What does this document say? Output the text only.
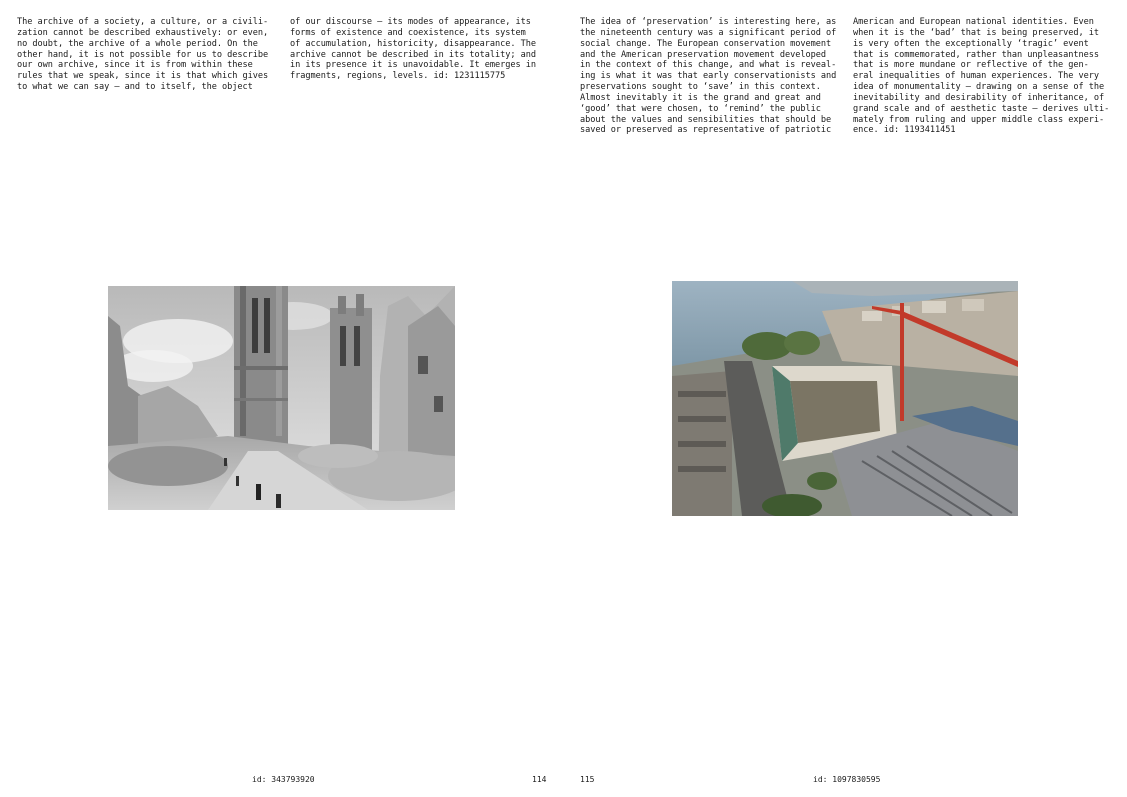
The archive of a society, a culture, or a civili-
zation cannot be described exhaustively: or even,
no doubt, the archive of a whole period. On the
other hand, it is not possible for us to describe
our own archive, since it is from within these
rules that we speak, since it is that which gives
to what we can say – and to itself, the object
of our discourse – its modes of appearance, its
forms of existence and coexistence, its system
of accumulation, historicity, disappearance. The
archive cannot be described in its totality; and
in its presence it is unavoidable. It emerges in
fragments, regions, levels. id: 1231115775
The idea of ‘preservation’ is interesting here, as
the nineteenth century was a significant period of
social change. The European conservation movement
and the American preservation movement developed
in the context of this change, and what is reveal-
ing is what it was that early conservationists and
preservations sought to ‘save’ in this context.
Almost inevitably it is the grand and great and
‘good’ that were chosen, to ‘remind’ the public
about the values and sensibilities that should be
saved or preserved as representative of patriotic
American and European national identities. Even
when it is the ‘bad’ that is being preserved, it
is very often the exceptionally ‘tragic’ event
that is commemorated, rather than unpleasantness
that is more mundane or reflective of the gen-
eral inequalities of human experiences. The very
idea of monumentality – drawing on a sense of the
inevitability and desirability of inheritance, of
grand scale and of aesthetic taste – derives ulti-
mately from ruling and upper middle class experi-
ence. id: 1193411451
id: 343793920	114	115	id: 1097830595
